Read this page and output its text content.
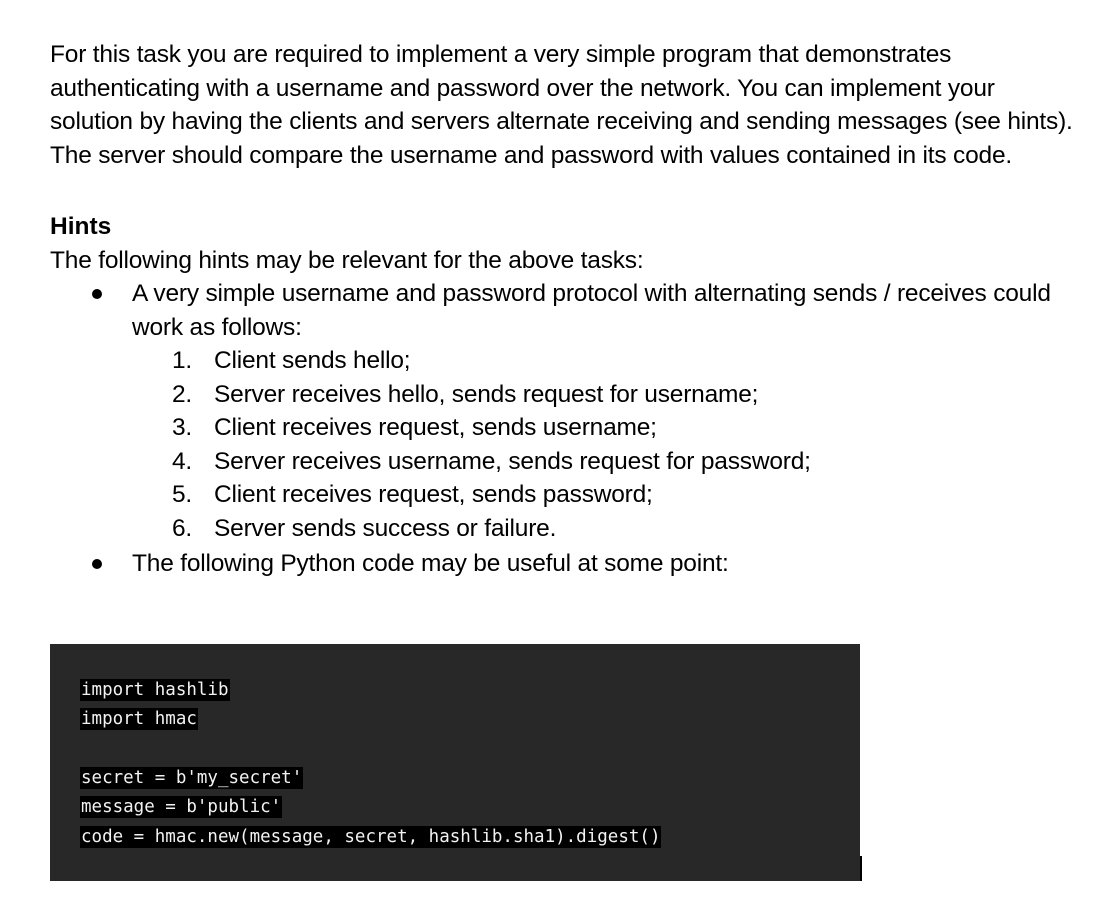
For this task you are required to implement a very simple program that demonstrates authenticating with a username and password over the network. You can implement your solution by having the clients and servers alternate receiving and sending messages (see hints). The server should compare the username and password with values contained in its code.

Hints

The following hints may be relevant for the above tasks:

A very simple username and password protocol with alternating sends / receives could work as follows:
1. Client sends hello;
2. Server receives hello, sends request for username;
3. Client receives request, sends username;
4. Server receives username, sends request for password;
5. Client receives request, sends password;
6. Server sends success or failure.
The following Python code may be useful at some point:
import hashlib
import hmac
secret = b'my_secret'
message = b'public'
code = hmac.new(message, secret, hashlib.sha1).digest()
